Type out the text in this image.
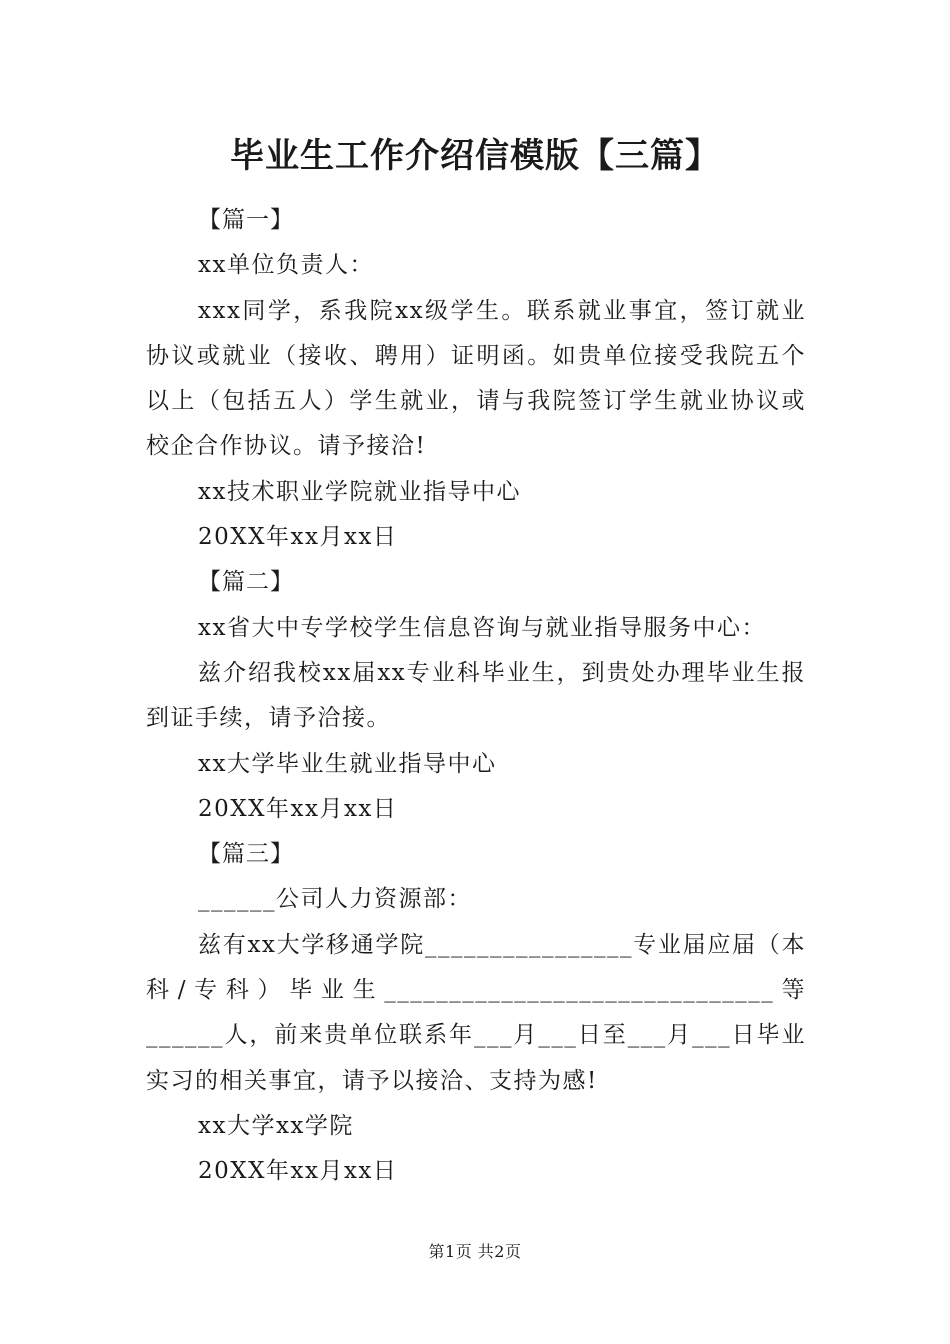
毕业生工作介绍信模版【三篇】

【篇一】

xx单位负责人：

xxx同学，系我院xx级学生。联系就业事宜，签订就业协议或就业（接收、聘用）证明函。如贵单位接受我院五个以上（包括五人）学生就业，请与我院签订学生就业协议或校企合作协议。请予接洽!

xx技术职业学院就业指导中心

20XX年xx月xx日

【篇二】

xx省大中专学校学生信息咨询与就业指导服务中心：

兹介绍我校xx届xx专业科毕业生，到贵处办理毕业生报到证手续，请予洽接。

xx大学毕业生就业指导中心

20XX年xx月xx日

【篇三】

______公司人力资源部：

兹有xx大学移通学院________________专业届应届（本科/专科）毕业生______________________________等______人，前来贵单位联系年___月___日至___月___日毕业实习的相关事宜，请予以接洽、支持为感!

xx大学xx学院

20XX年xx月xx日

第1页 共2页
